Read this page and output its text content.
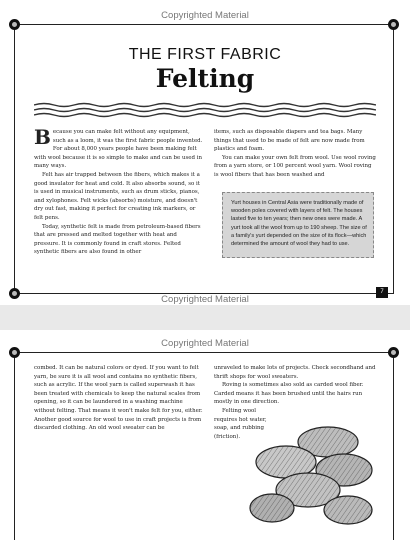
Copyrighted Material
THE FIRST FABRIC
Felting

Because you can make felt without any equipment, such as a loom, it was the first fabric people invented. For about 8,000 years people have been making felt with wool because it is so simple to make and can be used in many ways.

Felt has air trapped between the fibers, which makes it a good insulator for heat and cold. It also absorbs sound, so it is used in musical instruments, such as drum sticks, pianos, and xylophones. Felt wicks (absorbs) moisture, and doesn't dry out fast, making it perfect for creating ink markers, or felt pens.

Today, synthetic felt is made from petroleum-based fibers that are pressed and melted together with heat and pressure. It is commonly found in craft stores. Felted synthetic fibers are also found in other

items, such as disposable diapers and tea bags. Many things that used to be made of felt are now made from plastics and foam.

You can make your own felt from wool. Use wool roving from a yarn store, or 100 percent wool yarn. Wool roving is wool fibers that has been washed and

Yurt houses in Central Asia were traditionally made of wooden poles covered with layers of felt. The houses lasted five to ten years; then new ones were made. A yurt took all the wool from up to 190 sheep. The size of a family's yurt depended on the size of its flock—which determined the amount of wool they had to use.
7
Copyrighted Material
Copyrighted Material

combed. It can be natural colors or dyed. If you want to felt yarn, be sure it is all wool and contains no synthetic fibers, such as acrylic. If the wool yarn is called superwash it has been treated with chemicals to keep the natural scales from opening, so it can be laundered in a washing machine without felting. That means it won't make felt for you, either. Another good source for wool to use in craft projects is from discarded clothing. An old wool sweater can be

unraveled to make lots of projects. Check secondhand and thrift shops for wool sweaters.

Roving is sometimes also sold as carded wool fiber. Carded means it has been brushed until the hairs run mostly in one direction.

Felting wool requires hot water, soap, and rubbing (friction).
